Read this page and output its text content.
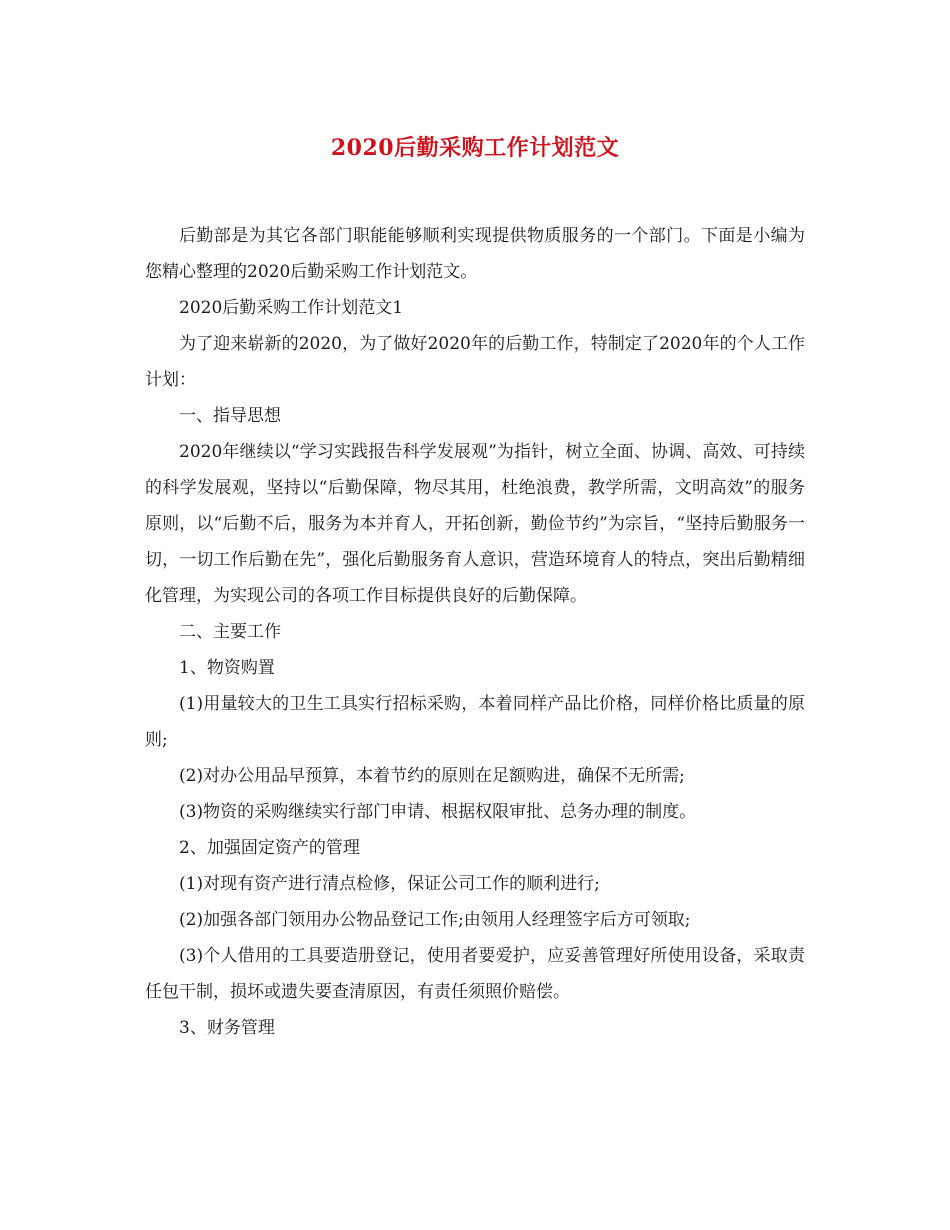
2020后勤采购工作计划范文

后勤部是为其它各部门职能能够顺利实现提供物质服务的一个部门。下面是小编为您精心整理的2020后勤采购工作计划范文。

2020后勤采购工作计划范文1

为了迎来崭新的2020，为了做好2020年的后勤工作，特制定了2020年的个人工作计划：

一、指导思想

2020年继续以“学习实践报告科学发展观”为指针，树立全面、协调、高效、可持续的科学发展观，坚持以“后勤保障，物尽其用，杜绝浪费，教学所需，文明高效”的服务原则，以“后勤不后，服务为本并育人，开拓创新，勤俭节约”为宗旨，“坚持后勤服务一切，一切工作后勤在先”，强化后勤服务育人意识，营造环境育人的特点，突出后勤精细化管理，为实现公司的各项工作目标提供良好的后勤保障。

二、主要工作

1、物资购置

(1)用量较大的卫生工具实行招标采购，本着同样产品比价格，同样价格比质量的原则;

(2)对办公用品早预算，本着节约的原则在足额购进，确保不无所需;

(3)物资的采购继续实行部门申请、根据权限审批、总务办理的制度。

2、加强固定资产的管理

(1)对现有资产进行清点检修，保证公司工作的顺利进行;

(2)加强各部门领用办公物品登记工作;由领用人经理签字后方可领取;

(3)个人借用的工具要造册登记，使用者要爱护，应妥善管理好所使用设备，采取责任包干制，损坏或遗失要查清原因，有责任须照价赔偿。

3、财务管理
